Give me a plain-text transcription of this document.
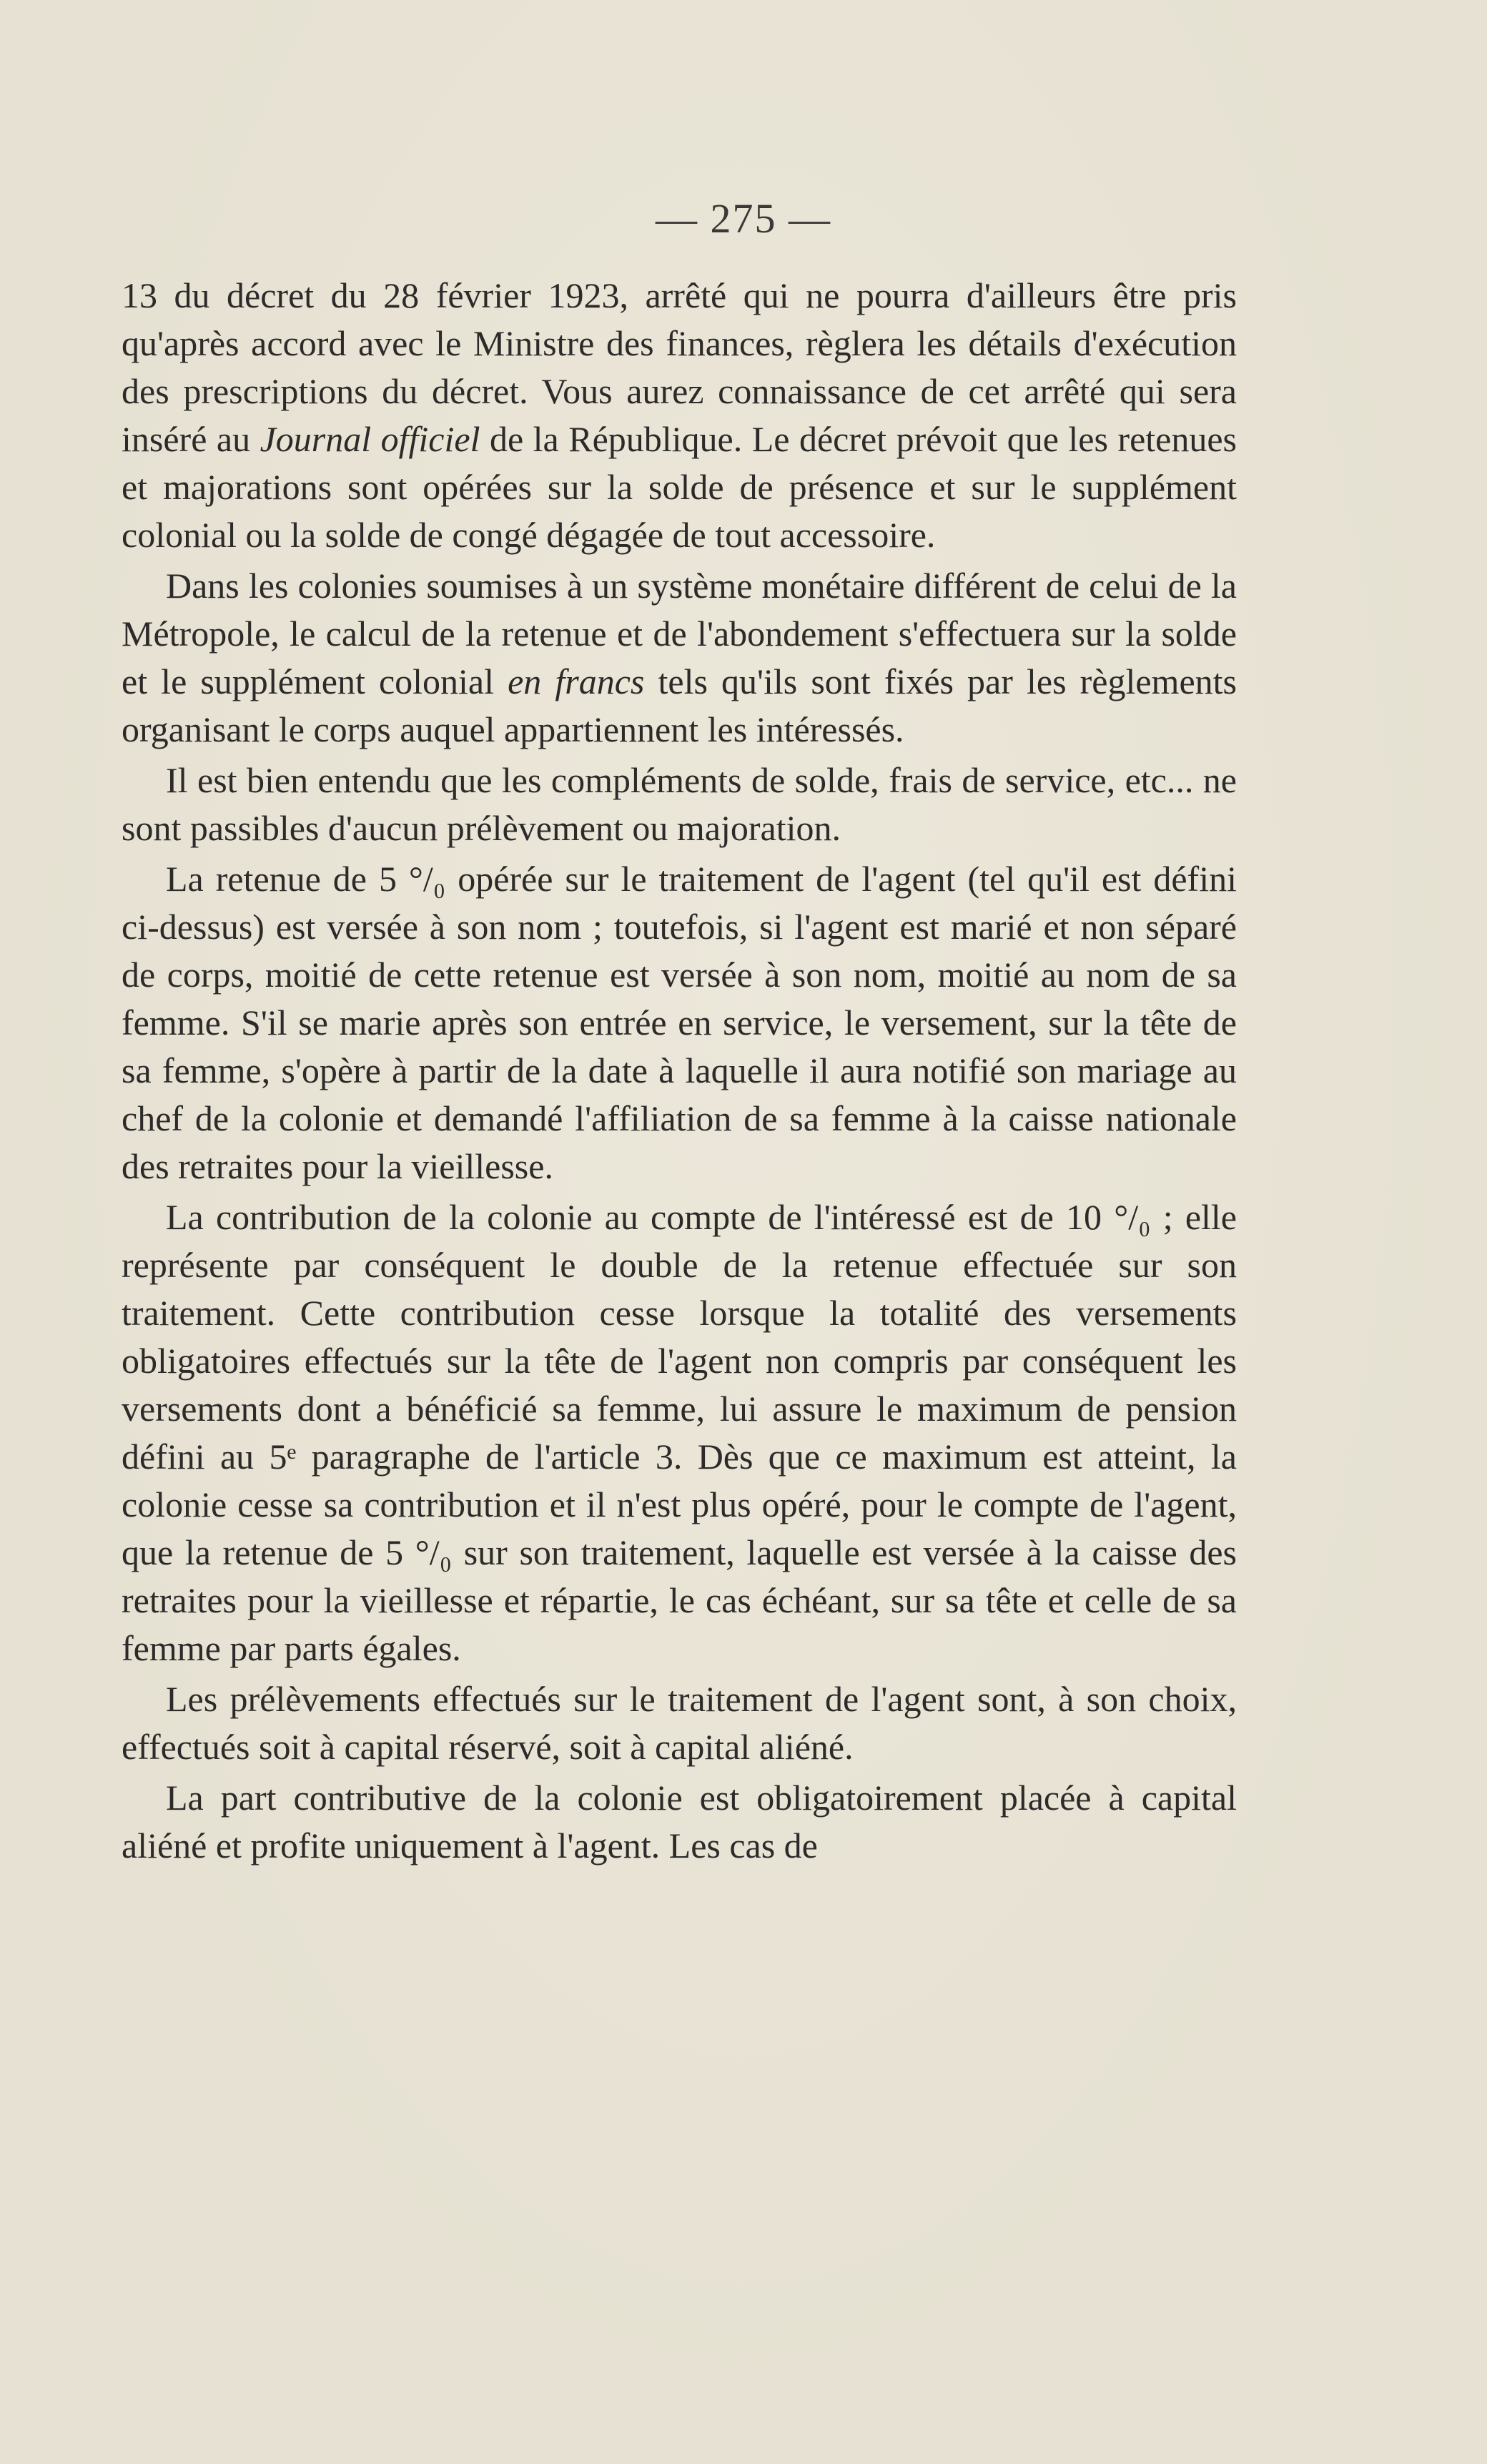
— 275 —

13 du décret du 28 février 1923, arrêté qui ne pourra d'ailleurs être pris qu'après accord avec le Ministre des finances, règlera les détails d'exécution des prescriptions du décret. Vous aurez connaissance de cet arrêté qui sera inséré au Journal officiel de la République. Le décret prévoit que les retenues et majorations sont opérées sur la solde de présence et sur le supplément colonial ou la solde de congé dégagée de tout accessoire.

Dans les colonies soumises à un système monétaire différent de celui de la Métropole, le calcul de la retenue et de l'abondement s'effectuera sur la solde et le supplément colonial en francs tels qu'ils sont fixés par les règlements organisant le corps auquel appartiennent les intéressés.

Il est bien entendu que les compléments de solde, frais de service, etc... ne sont passibles d'aucun prélèvement ou majoration.

La retenue de 5 °/₀ opérée sur le traitement de l'agent (tel qu'il est défini ci-dessus) est versée à son nom ; toutefois, si l'agent est marié et non séparé de corps, moitié de cette retenue est versée à son nom, moitié au nom de sa femme. S'il se marie après son entrée en service, le versement, sur la tête de sa femme, s'opère à partir de la date à laquelle il aura notifié son mariage au chef de la colonie et demandé l'affiliation de sa femme à la caisse nationale des retraites pour la vieillesse.

La contribution de la colonie au compte de l'intéressé est de 10 °/₀ ; elle représente par conséquent le double de la retenue effectuée sur son traitement. Cette contribution cesse lorsque la totalité des versements obligatoires effectués sur la tête de l'agent non compris par conséquent les versements dont a bénéficié sa femme, lui assure le maximum de pension défini au 5ᵉ paragraphe de l'article 3. Dès que ce maximum est atteint, la colonie cesse sa contribution et il n'est plus opéré, pour le compte de l'agent, que la retenue de 5 °/₀ sur son traitement, laquelle est versée à la caisse des retraites pour la vieillesse et répartie, le cas échéant, sur sa tête et celle de sa femme par parts égales.

Les prélèvements effectués sur le traitement de l'agent sont, à son choix, effectués soit à capital réservé, soit à capital aliéné.

La part contributive de la colonie est obligatoirement placée à capital aliéné et profite uniquement à l'agent. Les cas de
